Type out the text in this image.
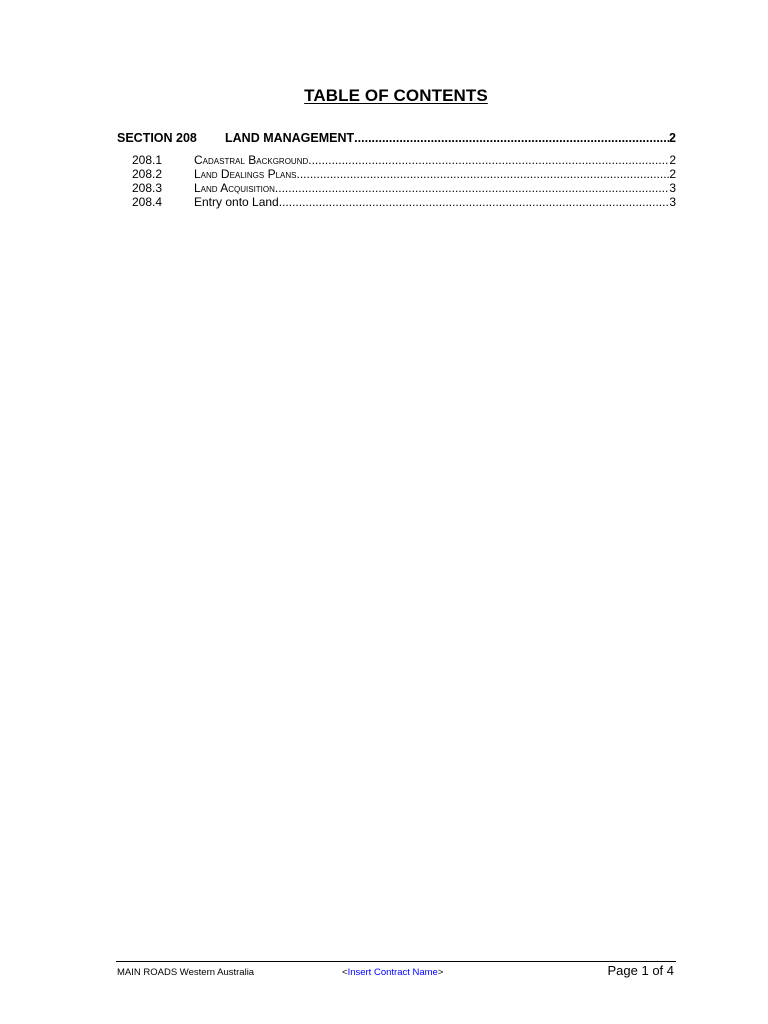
TABLE OF CONTENTS
SECTION 208	LAND MANAGEMENT .....	2
208.1	Cadastral Background .....	2
208.2	Land Dealings Plans .....	2
208.3	Land Acquisition .....	3
208.4	Entry onto Land .....	3
MAIN ROADS Western Australia	<Insert Contract Name>	Page 1 of 4
